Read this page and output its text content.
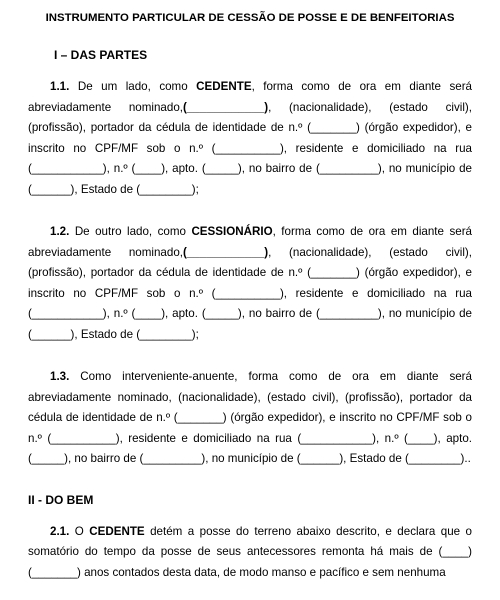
INSTRUMENTO PARTICULAR DE CESSÃO DE POSSE E DE BENFEITORIAS
I – DAS PARTES

1.1. De um lado, como CEDENTE, forma como de ora em diante será abreviadamente nominado,(____________), (nacionalidade), (estado civil), (profissão), portador da cédula de identidade de n.º (_______) (órgão expedidor), e inscrito no CPF/MF sob o n.º (__________), residente e domiciliado na rua (___________), n.º (____), apto. (_____), no bairro de (_________), no município de (______), Estado de (________);

1.2. De outro lado, como CESSIONÁRIO, forma como de ora em diante será abreviadamente nominado,(____________), (nacionalidade), (estado civil), (profissão), portador da cédula de identidade de n.º (_______) (órgão expedidor), e inscrito no CPF/MF sob o n.º (__________), residente e domiciliado na rua (___________), n.º (____), apto. (_____), no bairro de (_________), no município de (______), Estado de (________);

1.3. Como interveniente-anuente, forma como de ora em diante será abreviadamente nominado, (nacionalidade), (estado civil), (profissão), portador da cédula de identidade de n.º (_______) (órgão expedidor), e inscrito no CPF/MF sob o n.º (__________), residente e domiciliado na rua (___________), n.º (____), apto. (_____), no bairro de (_________), no município de (______), Estado de (________)..

II - DO BEM

2.1. O CEDENTE detém a posse do terreno abaixo descrito, e declara que o somatório do tempo da posse de seus antecessores remonta há mais de (____) (_______) anos contados desta data, de modo manso e pacífico e sem nenhuma
